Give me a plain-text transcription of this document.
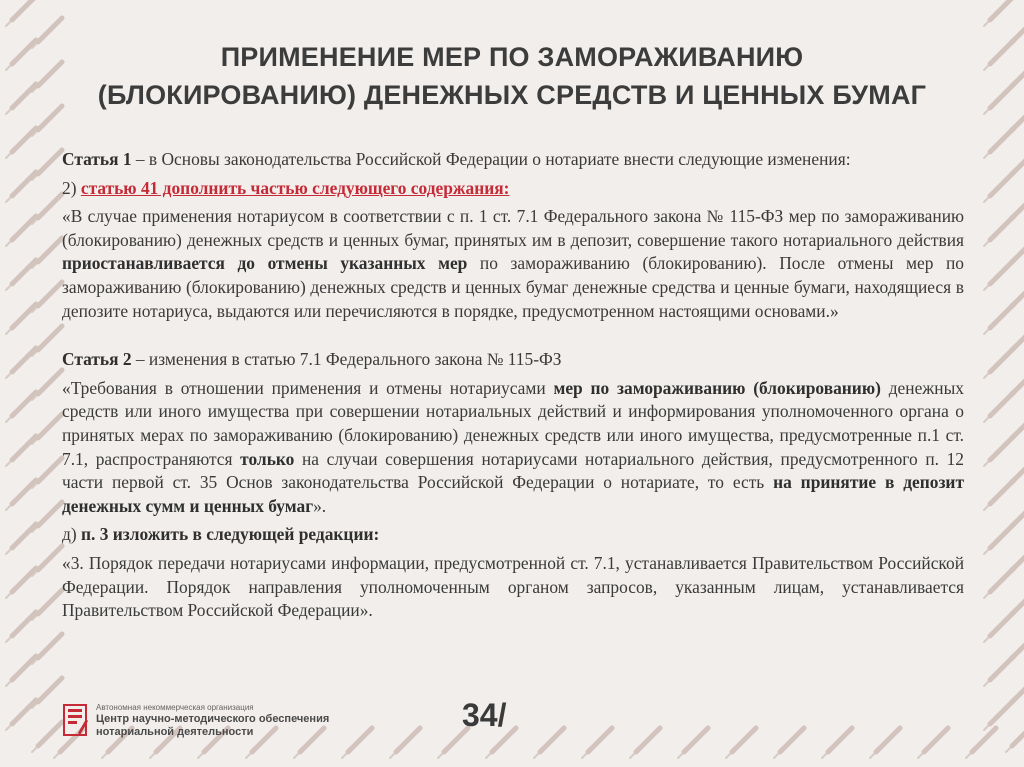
ПРИМЕНЕНИЕ МЕР ПО ЗАМОРАЖИВАНИЮ
(БЛОКИРОВАНИЮ) ДЕНЕЖНЫХ СРЕДСТВ И ЦЕННЫХ БУМАГ

Статья 1 – в Основы законодательства Российской Федерации о нотариате внести следующие изменения:

2) статью 41 дополнить частью следующего содержания:

«В случае применения нотариусом в соответствии с п. 1 ст. 7.1 Федерального закона № 115-ФЗ мер по замораживанию (блокированию) денежных средств и ценных бумаг, принятых им в депозит, совершение такого нотариального действия приостанавливается до отмены указанных мер по замораживанию (блокированию). После отмены мер по замораживанию (блокированию) денежных средств и ценных бумаг денежные средства и ценные бумаги, находящиеся в депозите нотариуса, выдаются или перечисляются в порядке, предусмотренном настоящими основами.»

Статья 2 – изменения в статью 7.1 Федерального закона № 115-ФЗ

«Требования в отношении применения и отмены нотариусами мер по замораживанию (блокированию) денежных средств или иного имущества при совершении нотариальных действий и информирования уполномоченного органа о принятых мерах по замораживанию (блокированию) денежных средств или иного имущества, предусмотренные п.1 ст. 7.1, распространяются только на случаи совершения нотариусами нотариального действия, предусмотренного п. 12 части первой ст. 35 Основ законодательства Российской Федерации о нотариате, то есть на принятие в депозит денежных сумм и ценных бумаг».

д) п. 3 изложить в следующей редакции:

«3. Порядок передачи нотариусами информации, предусмотренной ст. 7.1, устанавливается Правительством Российской Федерации. Порядок направления уполномоченным органом запросов, указанным лицам, устанавливается Правительством Российской Федерации».

Автономная некоммерческая организация
Центр научно-методического обеспечения
нотариальной деятельности	34/
